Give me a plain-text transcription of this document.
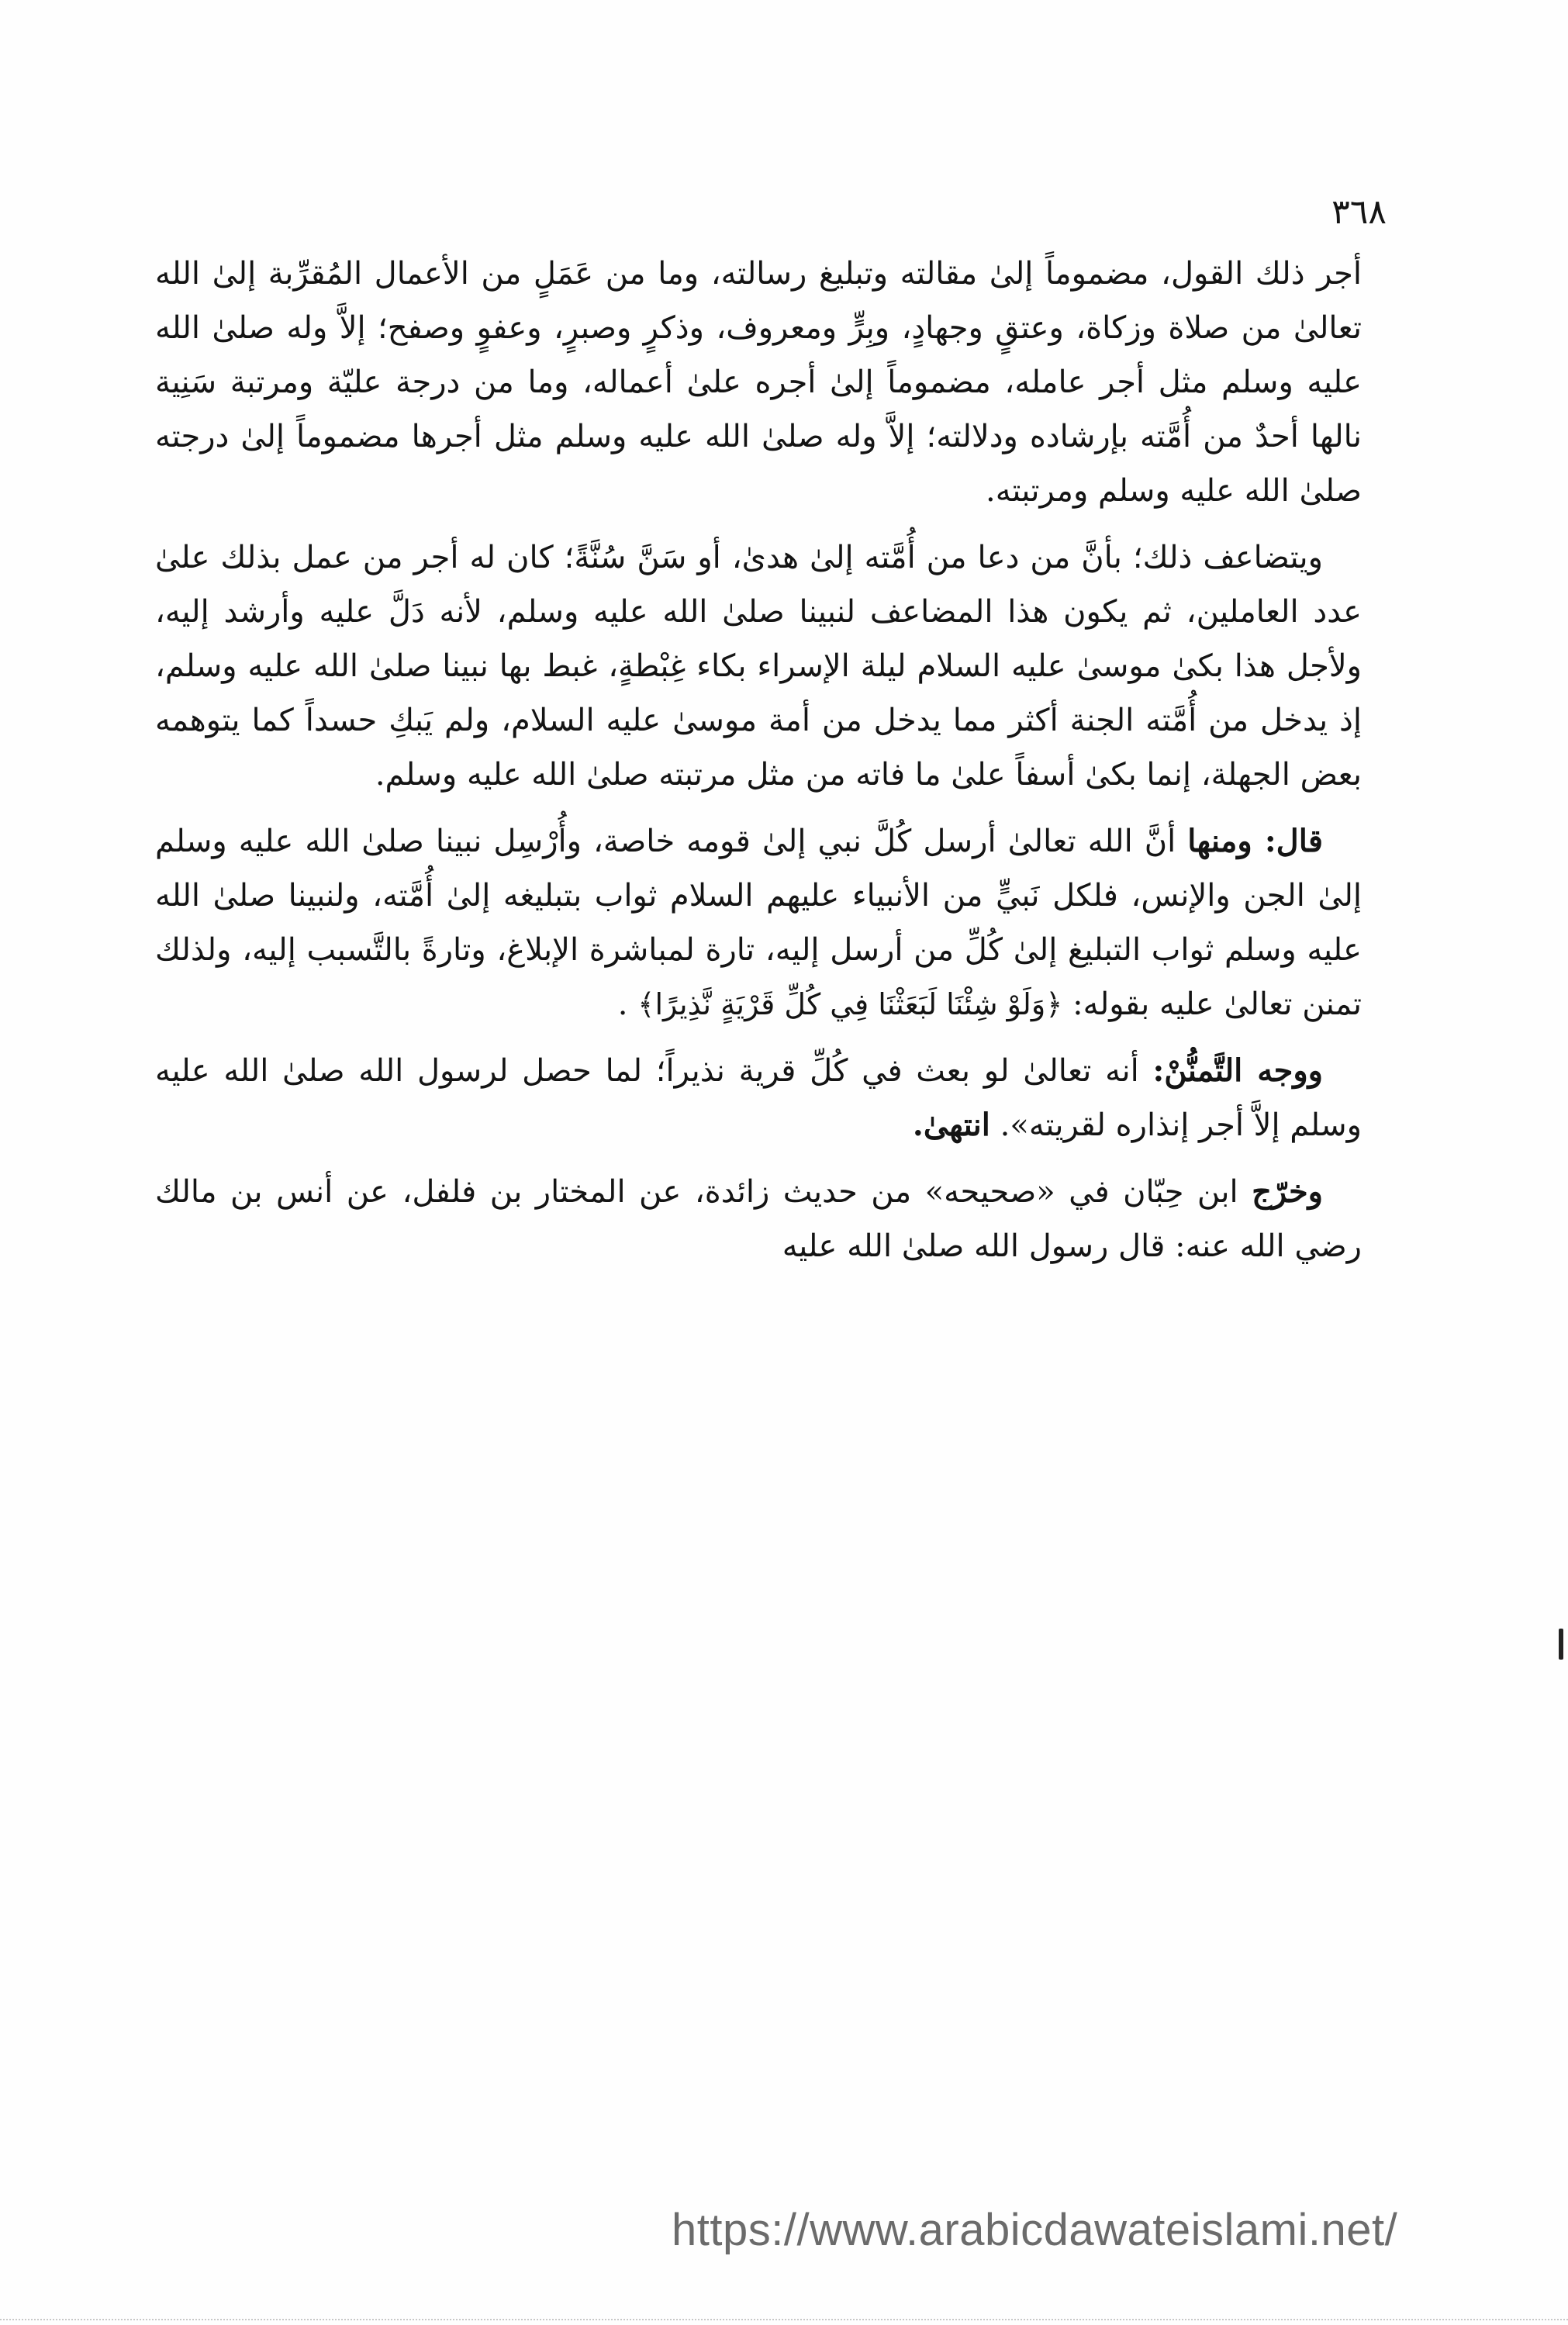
٣٦٨

أجر ذلك القول، مضموماً إلىٰ مقالته وتبليغ رسالته، وما من عَمَلٍ من الأعمال المُقرِّبة إلىٰ الله تعالىٰ من صلاة وزكاة، وعتقٍ وجهادٍ، وبِرٍّ ومعروف، وذكرٍ وصبرٍ، وعفوٍ وصفح؛ إلاَّ وله صلىٰ الله عليه وسلم مثل أجر عامله، مضموماً إلىٰ أجره علىٰ أعماله، وما من درجة عليّة ومرتبة سَنِية نالها أحدٌ من أُمَّته بإرشاده ودلالته؛ إلاَّ وله صلىٰ الله عليه وسلم مثل أجرها مضموماً إلىٰ درجته صلىٰ الله عليه وسلم ومرتبته.

ويتضاعف ذلك؛ بأنَّ من دعا من أُمَّته إلىٰ هدىٰ، أو سَنَّ سُنَّةً؛ كان له أجر من عمل بذلك علىٰ عدد العاملين، ثم يكون هذا المضاعف لنبينا صلىٰ الله عليه وسلم، لأنه دَلَّ عليه وأرشد إليه، ولأجل هذا بكىٰ موسىٰ عليه السلام ليلة الإسراء بكاء غِبْطةٍ، غبط بها نبينا صلىٰ الله عليه وسلم، إذ يدخل من أُمَّته الجنة أكثر مما يدخل من أمة موسىٰ عليه السلام، ولم يَبكِ حسداً كما يتوهمه بعض الجهلة، إنما بكىٰ أسفاً علىٰ ما فاته من مثل مرتبته صلىٰ الله عليه وسلم.

قال: ومنها أنَّ الله تعالىٰ أرسل كُلَّ نبي إلىٰ قومه خاصة، وأُرْسِل نبينا صلىٰ الله عليه وسلم إلىٰ الجن والإنس، فلكل نَبيٍّ من الأنبياء عليهم السلام ثواب بتبليغه إلىٰ أُمَّته، ولنبينا صلىٰ الله عليه وسلم ثواب التبليغ إلىٰ كُلِّ من أرسل إليه، تارة لمباشرة الإبلاغ، وتارةً بالتَّسبب إليه، ولذلك تمنن تعالىٰ عليه بقوله: ﴿وَلَوْ شِئْنَا لَبَعَثْنَا فِي كُلِّ قَرْيَةٍ نَّذِيرًا﴾ .

ووجه التَّمنُّنْ: أنه تعالىٰ لو بعث في كُلِّ قرية نذيراً؛ لما حصل لرسول الله صلىٰ الله عليه وسلم إلاَّ أجر إنذاره لقريته». انتهىٰ.

وخرّج ابن حِبّان في «صحيحه» من حديث زائدة، عن المختار بن فلفل، عن أنس بن مالك رضي الله عنه: قال رسول الله صلىٰ الله عليه

https://www.arabicdawateislami.net/
